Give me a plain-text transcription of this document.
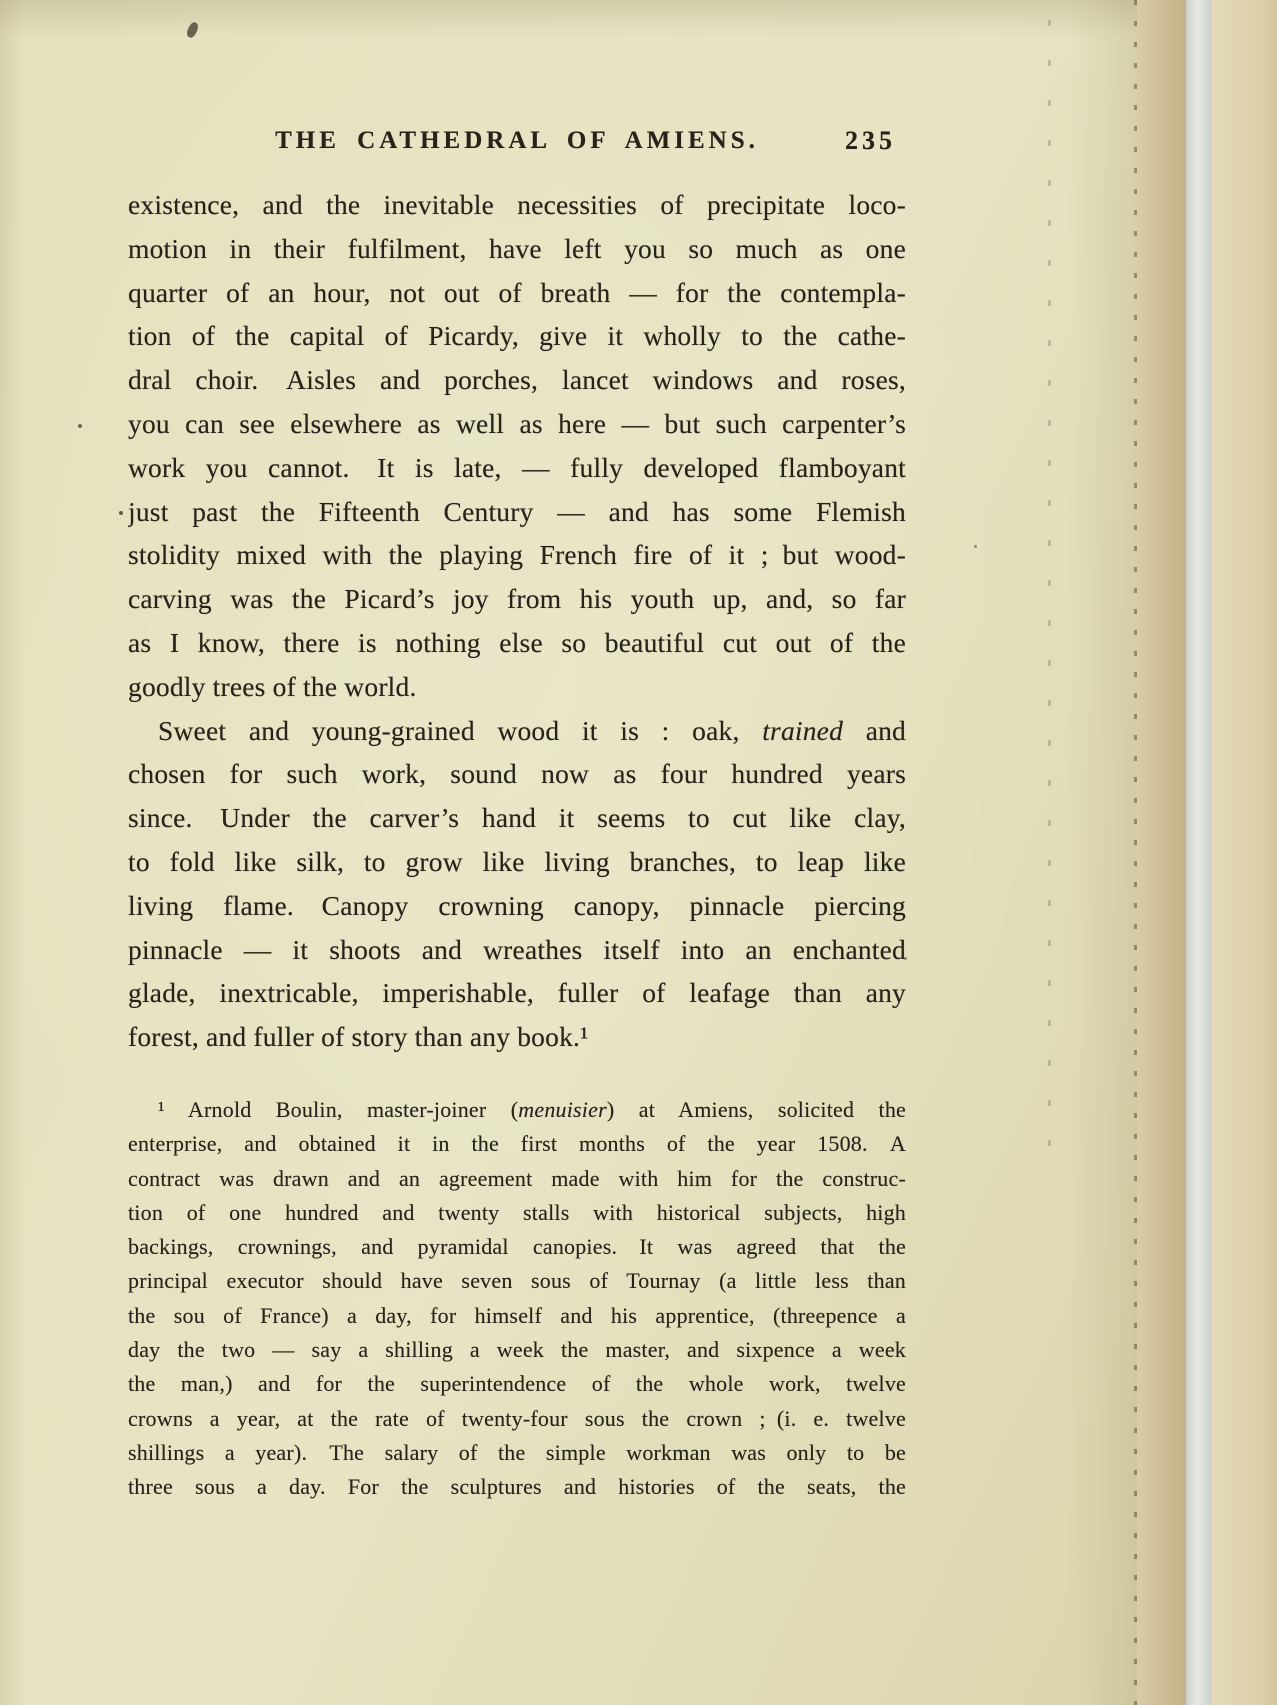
THE CATHEDRAL OF AMIENS.	235
existence, and the inevitable necessities of precipitate loco-
motion in their fulfilment, have left you so much as one
quarter of an hour, not out of breath — for the contempla-
tion of the capital of Picardy, give it wholly to the cathe-
dral choir. Aisles and porches, lancet windows and roses,
you can see elsewhere as well as here — but such carpenter’s
work you cannot. It is late, — fully developed flamboyant
just past the Fifteenth Century — and has some Flemish
stolidity mixed with the playing French fire of it ; but wood-
carving was the Picard’s joy from his youth up, and, so far
as I know, there is nothing else so beautiful cut out of the
goodly trees of the world.
Sweet and young-grained wood it is : oak, trained and
chosen for such work, sound now as four hundred years
since. Under the carver’s hand it seems to cut like clay,
to fold like silk, to grow like living branches, to leap like
living flame. Canopy crowning canopy, pinnacle piercing
pinnacle — it shoots and wreathes itself into an enchanted
glade, inextricable, imperishable, fuller of leafage than any
forest, and fuller of story than any book.¹
¹ Arnold Boulin, master-joiner (menuisier) at Amiens, solicited the
enterprise, and obtained it in the first months of the year 1508. A
contract was drawn and an agreement made with him for the construc-
tion of one hundred and twenty stalls with historical subjects, high
backings, crownings, and pyramidal canopies. It was agreed that the
principal executor should have seven sous of Tournay (a little less than
the sou of France) a day, for himself and his apprentice, (threepence a
day the two — say a shilling a week the master, and sixpence a week
the man,) and for the superintendence of the whole work, twelve
crowns a year, at the rate of twenty-four sous the crown ; (i. e. twelve
shillings a year). The salary of the simple workman was only to be
three sous a day. For the sculptures and histories of the seats, the
